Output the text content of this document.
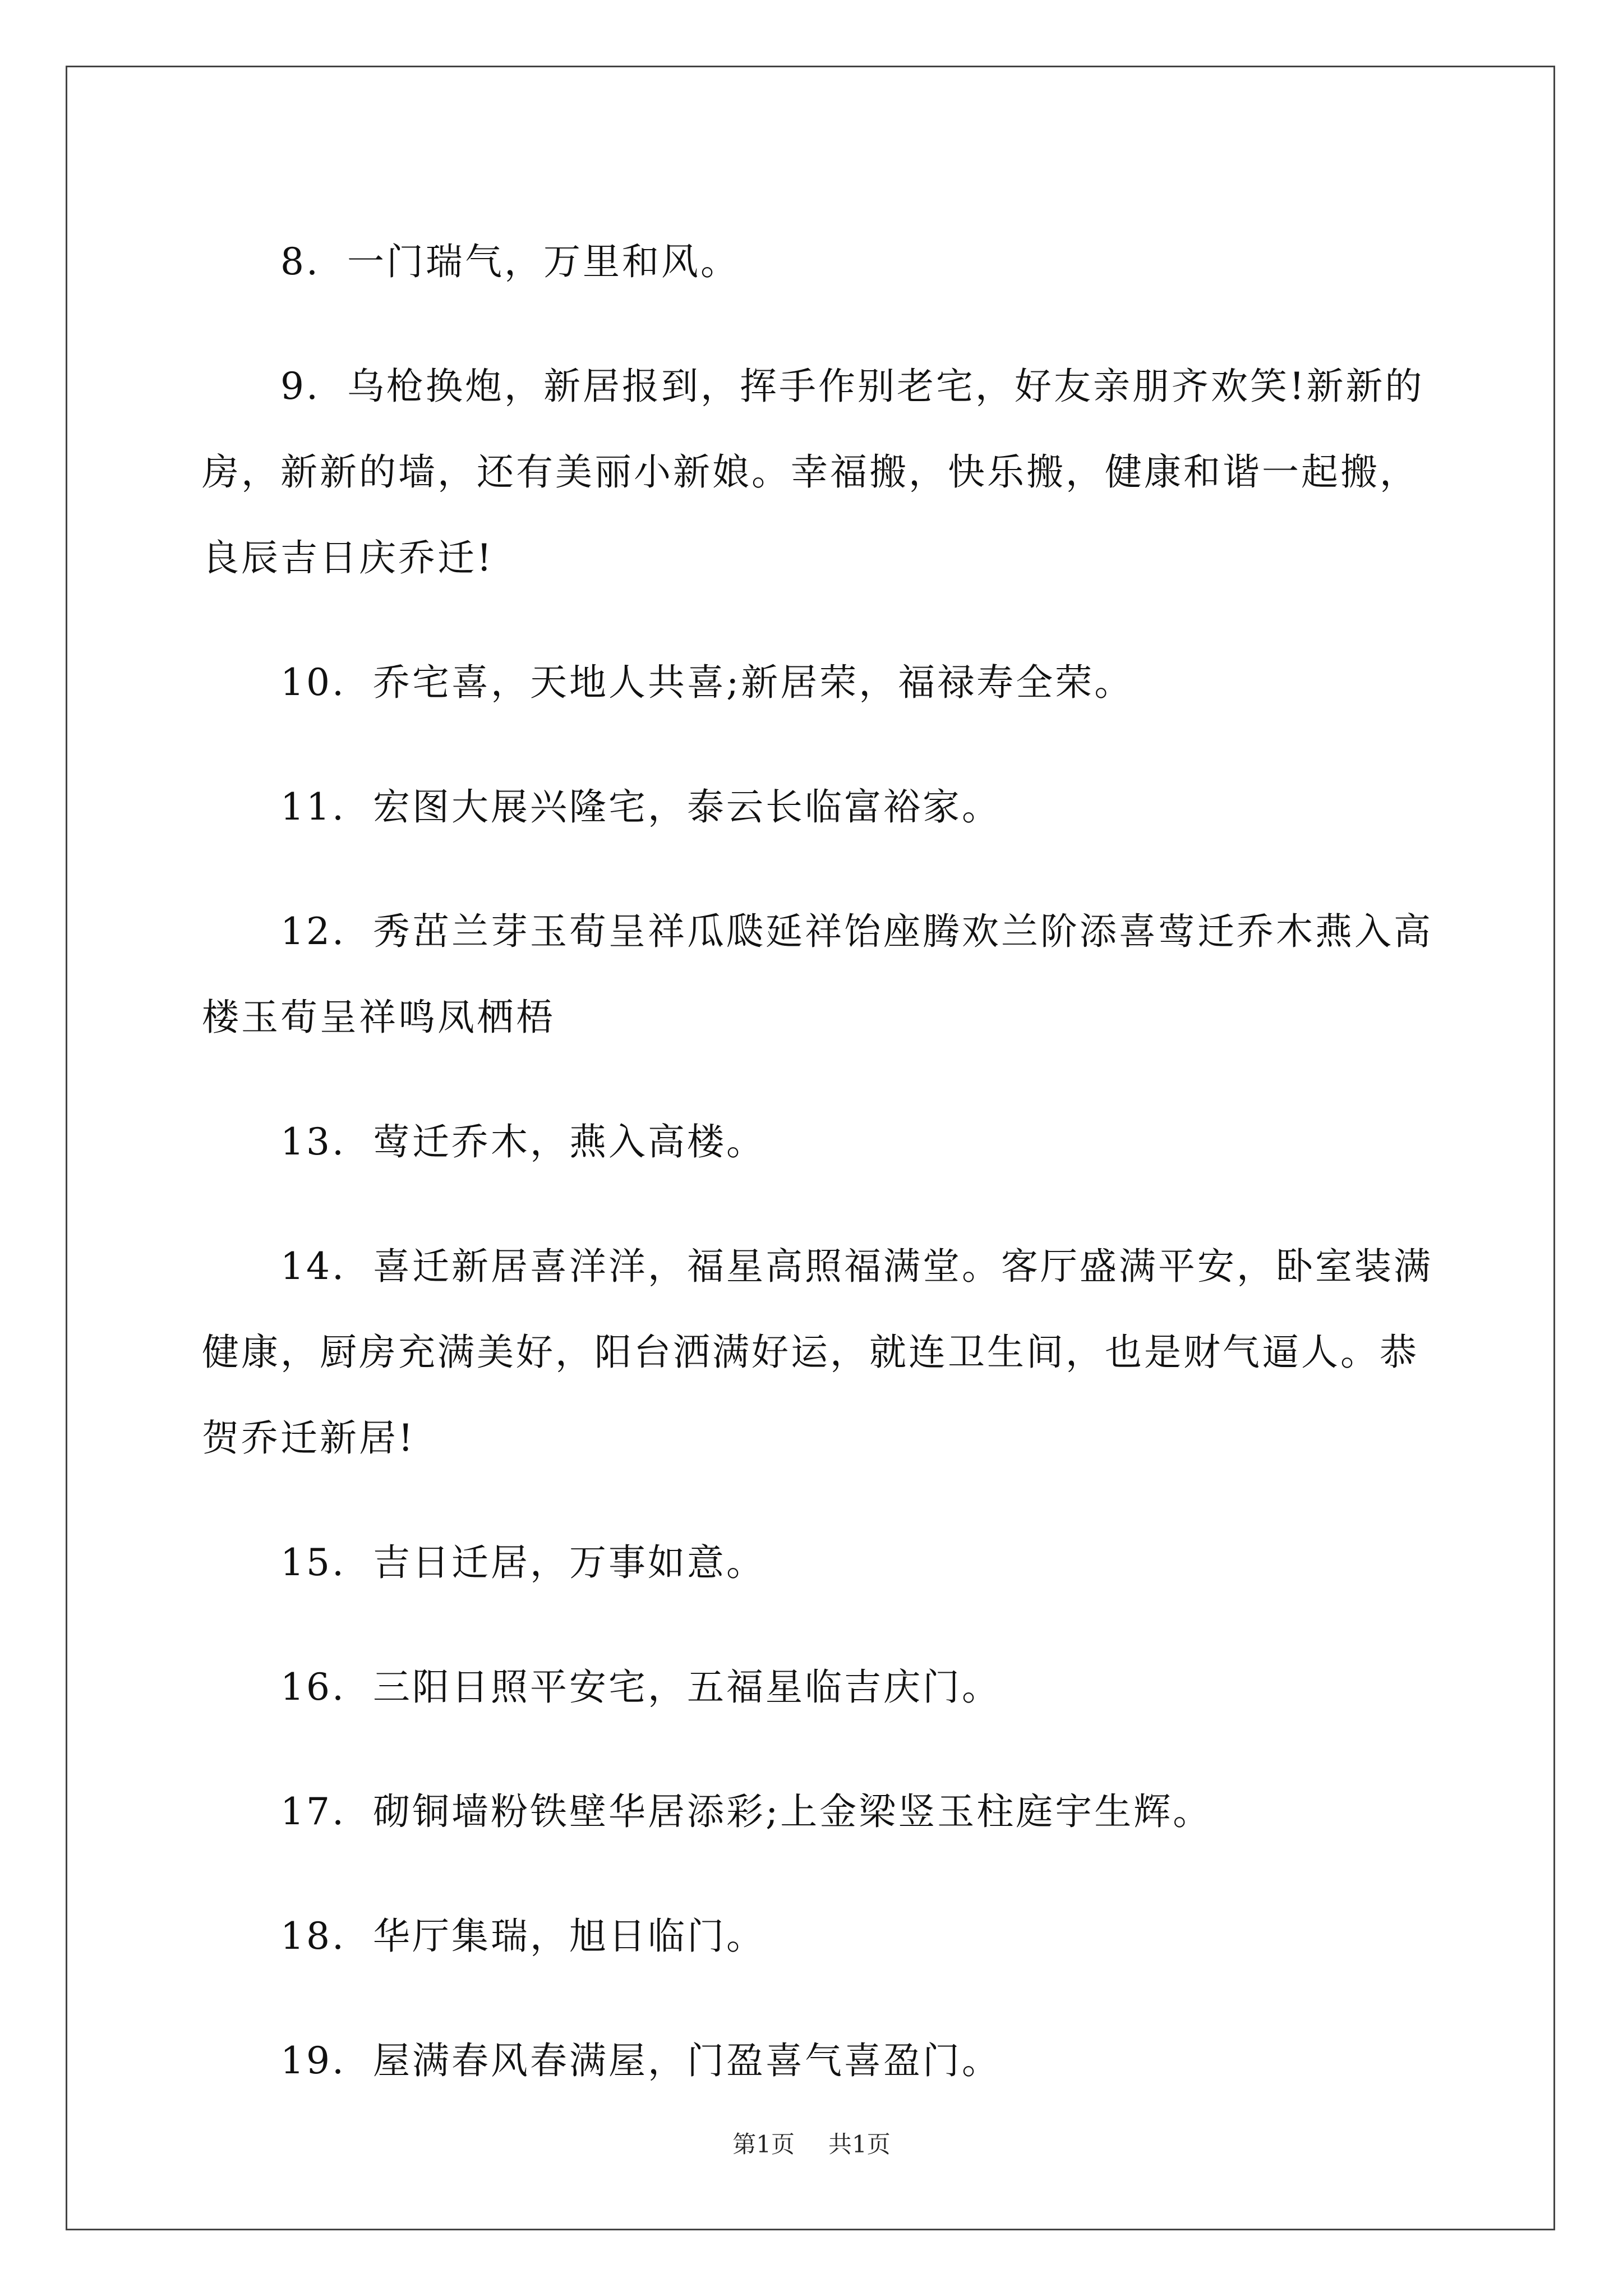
8. 一门瑞气，万里和风。

9. 乌枪换炮，新居报到，挥手作别老宅，好友亲朋齐欢笑!新新的房，新新的墙，还有美丽小新娘。幸福搬，快乐搬，健康和谐一起搬，良辰吉日庆乔迁!

10. 乔宅喜，天地人共喜;新居荣，福禄寿全荣。

11. 宏图大展兴隆宅，泰云长临富裕家。

12. 秀茁兰芽玉荀呈祥瓜瓞延祥饴座腾欢兰阶添喜莺迁乔木燕入高楼玉荀呈祥鸣凤栖梧

13. 莺迁乔木，燕入高楼。

14. 喜迁新居喜洋洋，福星高照福满堂。客厅盛满平安，卧室装满健康，厨房充满美好，阳台洒满好运，就连卫生间，也是财气逼人。恭贺乔迁新居!

15. 吉日迁居，万事如意。

16. 三阳日照平安宅，五福星临吉庆门。

17. 砌铜墙粉铁壁华居添彩;上金梁竖玉柱庭宇生辉。

18. 华厅集瑞，旭日临门。

19. 屋满春风春满屋，门盈喜气喜盈门。

第1页 共1页
